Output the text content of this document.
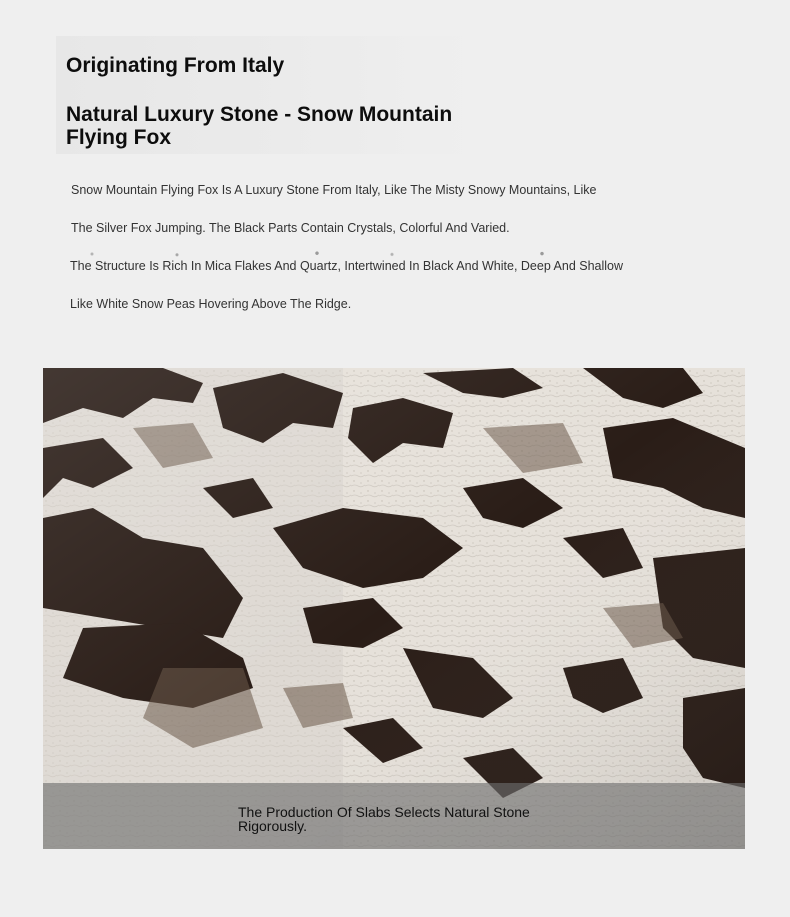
Originating From Italy
Natural Luxury Stone - Snow Mountain Flying Fox

Snow Mountain Flying Fox Is A Luxury Stone From Italy, Like The Misty Snowy Mountains, Like

The Silver Fox Jumping. The Black Parts Contain Crystals, Colorful And Varied.

The Structure Is Rich In Mica Flakes And Quartz, Intertwined In Black And White, Deep And Shallow

Like White Snow Peas Hovering Above The Ridge.

The Production Of Slabs Selects Natural Stone Rigorously.
